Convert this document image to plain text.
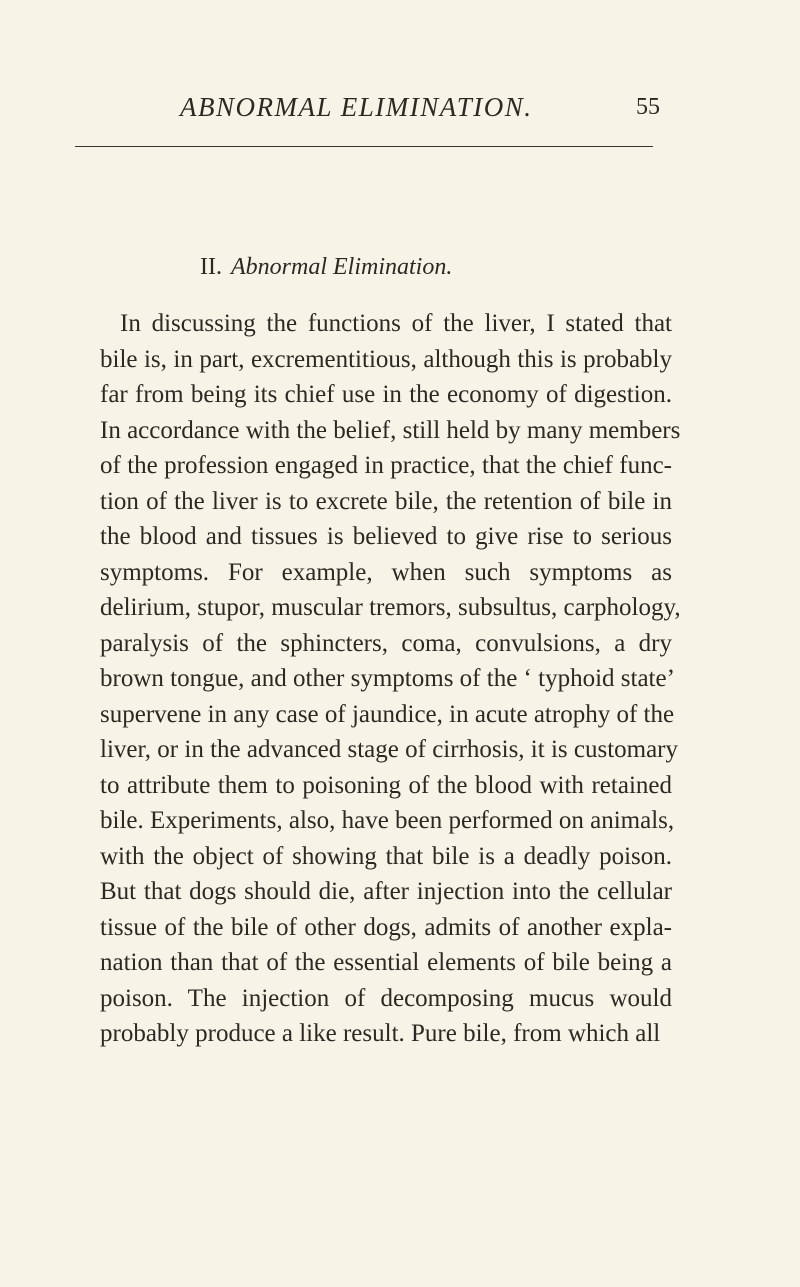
ABNORMAL ELIMINATION.	55
II. Abnormal Elimination.
In discussing the functions of the liver, I stated that
bile is, in part, excrementitious, although this is probably
far from being its chief use in the economy of digestion.
In accordance with the belief, still held by many members
of the profession engaged in practice, that the chief func-
tion of the liver is to excrete bile, the retention of bile in
the blood and tissues is believed to give rise to serious
symptoms. For example, when such symptoms as
delirium, stupor, muscular tremors, subsultus, carphology,
paralysis of the sphincters, coma, convulsions, a dry
brown tongue, and other symptoms of the ‘ typhoid state’
supervene in any case of jaundice, in acute atrophy of the
liver, or in the advanced stage of cirrhosis, it is customary
to attribute them to poisoning of the blood with retained
bile. Experiments, also, have been performed on animals,
with the object of showing that bile is a deadly poison.
But that dogs should die, after injection into the cellular
tissue of the bile of other dogs, admits of another expla-
nation than that of the essential elements of bile being a
poison. The injection of decomposing mucus would
probably produce a like result. Pure bile, from which all
